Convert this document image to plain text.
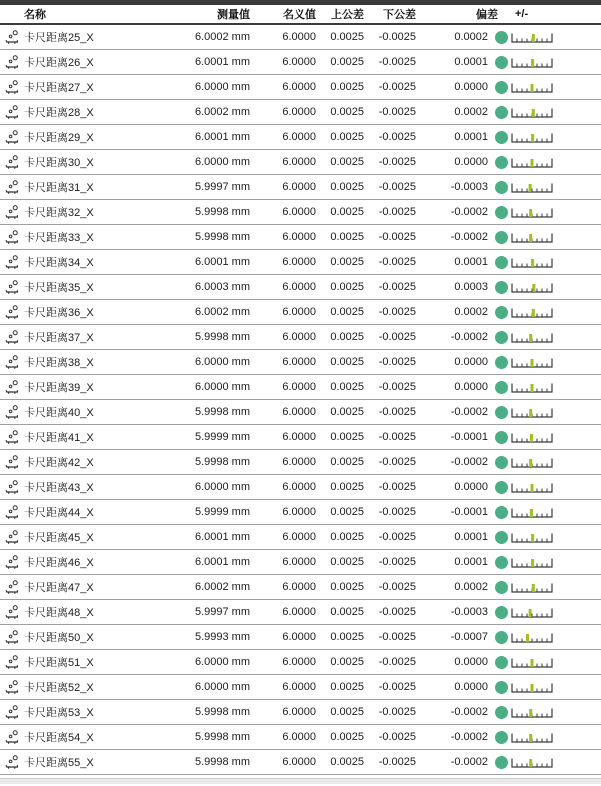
名称	测量值	名义值	上公差	下公差	偏差	+/-
卡尺距离25_X	6.0002 mm	6.0000	0.0025	-0.0025	0.0002
卡尺距离26_X	6.0001 mm	6.0000	0.0025	-0.0025	0.0001
卡尺距离27_X	6.0000 mm	6.0000	0.0025	-0.0025	0.0000
卡尺距离28_X	6.0002 mm	6.0000	0.0025	-0.0025	0.0002
卡尺距离29_X	6.0001 mm	6.0000	0.0025	-0.0025	0.0001
卡尺距离30_X	6.0000 mm	6.0000	0.0025	-0.0025	0.0000
卡尺距离31_X	5.9997 mm	6.0000	0.0025	-0.0025	-0.0003
卡尺距离32_X	5.9998 mm	6.0000	0.0025	-0.0025	-0.0002
卡尺距离33_X	5.9998 mm	6.0000	0.0025	-0.0025	-0.0002
卡尺距离34_X	6.0001 mm	6.0000	0.0025	-0.0025	0.0001
卡尺距离35_X	6.0003 mm	6.0000	0.0025	-0.0025	0.0003
卡尺距离36_X	6.0002 mm	6.0000	0.0025	-0.0025	0.0002
卡尺距离37_X	5.9998 mm	6.0000	0.0025	-0.0025	-0.0002
卡尺距离38_X	6.0000 mm	6.0000	0.0025	-0.0025	0.0000
卡尺距离39_X	6.0000 mm	6.0000	0.0025	-0.0025	0.0000
卡尺距离40_X	5.9998 mm	6.0000	0.0025	-0.0025	-0.0002
卡尺距离41_X	5.9999 mm	6.0000	0.0025	-0.0025	-0.0001
卡尺距离42_X	5.9998 mm	6.0000	0.0025	-0.0025	-0.0002
卡尺距离43_X	6.0000 mm	6.0000	0.0025	-0.0025	0.0000
卡尺距离44_X	5.9999 mm	6.0000	0.0025	-0.0025	-0.0001
卡尺距离45_X	6.0001 mm	6.0000	0.0025	-0.0025	0.0001
卡尺距离46_X	6.0001 mm	6.0000	0.0025	-0.0025	0.0001
卡尺距离47_X	6.0002 mm	6.0000	0.0025	-0.0025	0.0002
卡尺距离48_X	5.9997 mm	6.0000	0.0025	-0.0025	-0.0003
卡尺距离50_X	5.9993 mm	6.0000	0.0025	-0.0025	-0.0007
卡尺距离51_X	6.0000 mm	6.0000	0.0025	-0.0025	0.0000
卡尺距离52_X	6.0000 mm	6.0000	0.0025	-0.0025	0.0000
卡尺距离53_X	5.9998 mm	6.0000	0.0025	-0.0025	-0.0002
卡尺距离54_X	5.9998 mm	6.0000	0.0025	-0.0025	-0.0002
卡尺距离55_X	5.9998 mm	6.0000	0.0025	-0.0025	-0.0002
